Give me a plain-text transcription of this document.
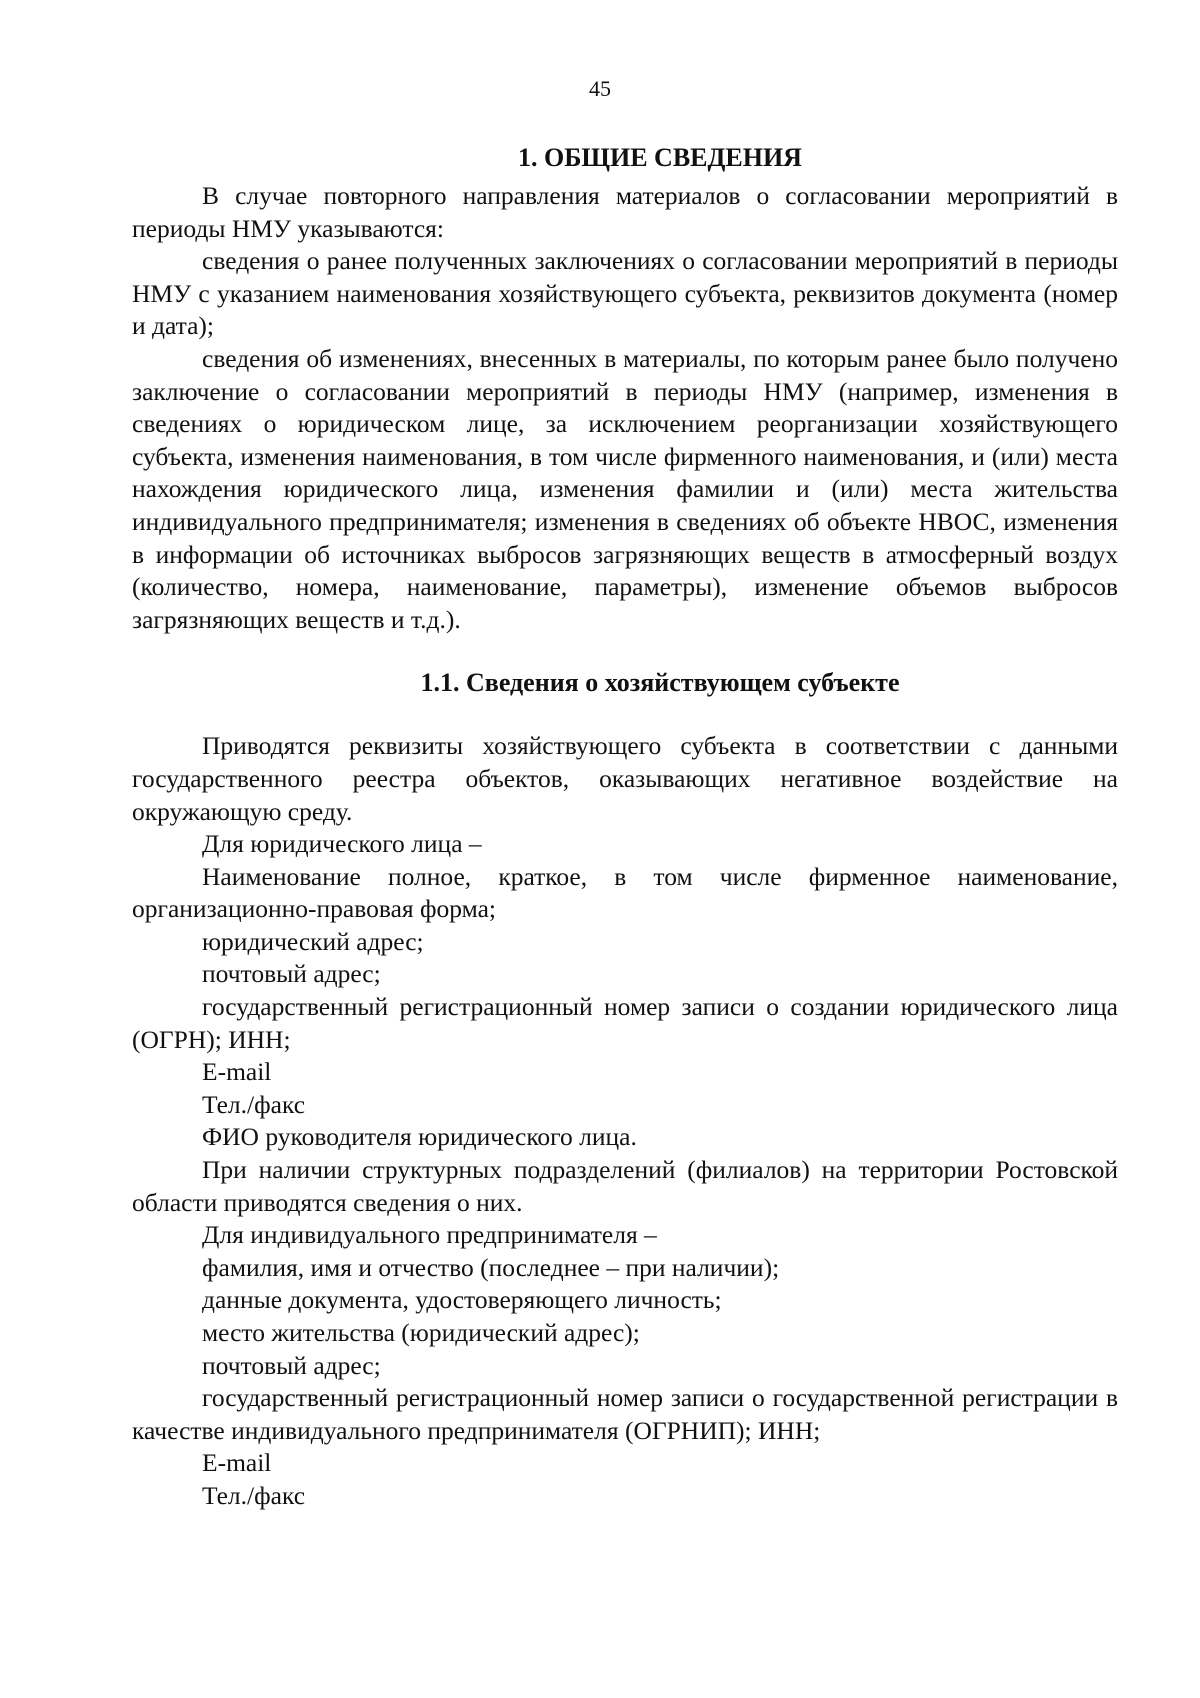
45
1. ОБЩИЕ СВЕДЕНИЯ

В случае повторного направления материалов о согласовании мероприятий в периоды НМУ указываются:

сведения о ранее полученных заключениях о согласовании мероприятий в периоды НМУ с указанием наименования хозяйствующего субъекта, реквизитов документа (номер и дата);

сведения об изменениях, внесенных в материалы, по которым ранее было получено заключение о согласовании мероприятий в периоды НМУ (например, изменения в сведениях о юридическом лице, за исключением реорганизации хозяйствующего субъекта, изменения наименования, в том числе фирменного наименования, и (или) места нахождения юридического лица, изменения фамилии и (или) места жительства индивидуального предпринимателя; изменения в сведениях об объекте НВОС, изменения в информации об источниках выбросов загрязняющих веществ в атмосферный воздух (количество, номера, наименование, параметры), изменение объемов выбросов загрязняющих веществ и т.д.).

1.1. Сведения о хозяйствующем субъекте

Приводятся реквизиты хозяйствующего субъекта в соответствии с данными государственного реестра объектов, оказывающих негативное воздействие на окружающую среду.

Для юридического лица –

Наименование полное, краткое, в том числе фирменное наименование, организационно-правовая форма;

юридический адрес;

почтовый адрес;

государственный регистрационный номер записи о создании юридического лица (ОГРН); ИНН;

E-mail

Тел./факс

ФИО руководителя юридического лица.

При наличии структурных подразделений (филиалов) на территории Ростовской области приводятся сведения о них.

Для индивидуального предпринимателя –

фамилия, имя и отчество (последнее – при наличии);

данные документа, удостоверяющего личность;

место жительства (юридический адрес);

почтовый адрес;

государственный регистрационный номер записи о государственной регистрации в качестве индивидуального предпринимателя (ОГРНИП); ИНН;

E-mail

Тел./факс
